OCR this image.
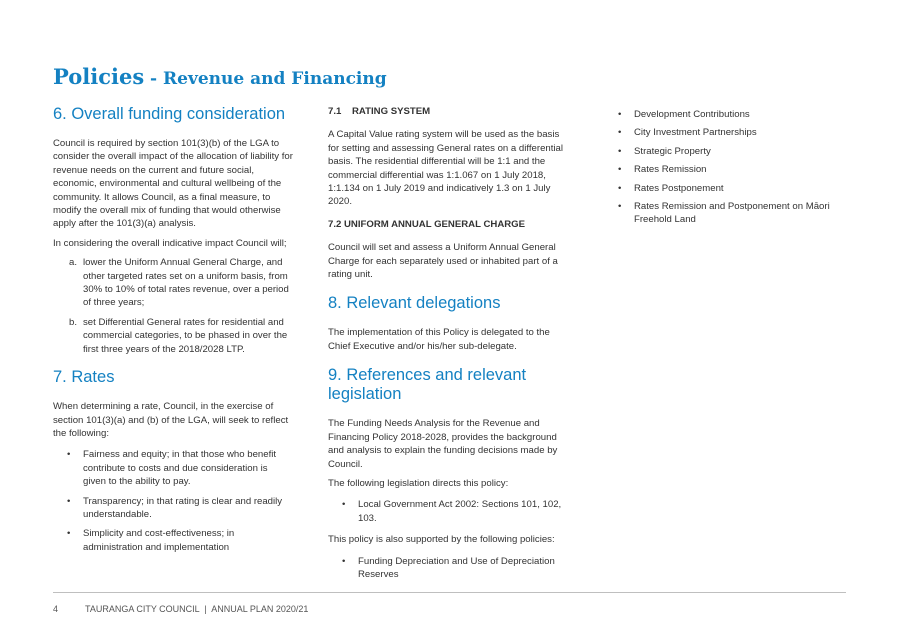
Policies - Revenue and Financing
6. Overall funding consideration

Council is required by section 101(3)(b) of the LGA to consider the overall impact of the allocation of liability for revenue needs on the current and future social, economic, environmental and cultural wellbeing of the community. It allows Council, as a final measure, to modify the overall mix of funding that would otherwise apply after the 101(3)(a) analysis.

In considering the overall indicative impact Council will;

a. lower the Uniform Annual General Charge, and other targeted rates set on a uniform basis, from 30% to 10% of total rates revenue, over a period of three years;
b. set Differential General rates for residential and commercial categories, to be phased in over the first three years of the 2018/2028 LTP.
7. Rates

When determining a rate, Council, in the exercise of section 101(3)(a) and (b) of the LGA, will seek to reflect the following:

• Fairness and equity; in that those who benefit contribute to costs and due consideration is given to the ability to pay.
• Transparency; in that rating is clear and readily understandable.
• Simplicity and cost-effectiveness; in administration and implementation
7.1    RATING SYSTEM

A Capital Value rating system will be used as the basis for setting and assessing General rates on a differential basis. The residential differential will be 1:1 and the commercial differential was 1:1.067 on 1 July 2018, 1:1.134 on 1 July 2019 and indicatively 1.3 on 1 July 2020.

7.2 UNIFORM ANNUAL GENERAL CHARGE

Council will set and assess a Uniform Annual General Charge for each separately used or inhabited part of a rating unit.

8. Relevant delegations

The implementation of this Policy is delegated to the Chief Executive and/or his/her sub-delegate.

9. References and relevant legislation

The Funding Needs Analysis for the Revenue and Financing Policy 2018-2028, provides the background and analysis to explain the funding decisions made by Council.

The following legislation directs this policy:

• Local Government Act 2002: Sections 101, 102, 103.

This policy is also supported by the following policies:

• Funding Depreciation and Use of Depreciation Reserves
• Development Contributions
• City Investment Partnerships
• Strategic Property
• Rates Remission
• Rates Postponement
• Rates Remission and Postponement on Māori Freehold Land
4	TAURANGA CITY COUNCIL  |  ANNUAL PLAN 2020/21
